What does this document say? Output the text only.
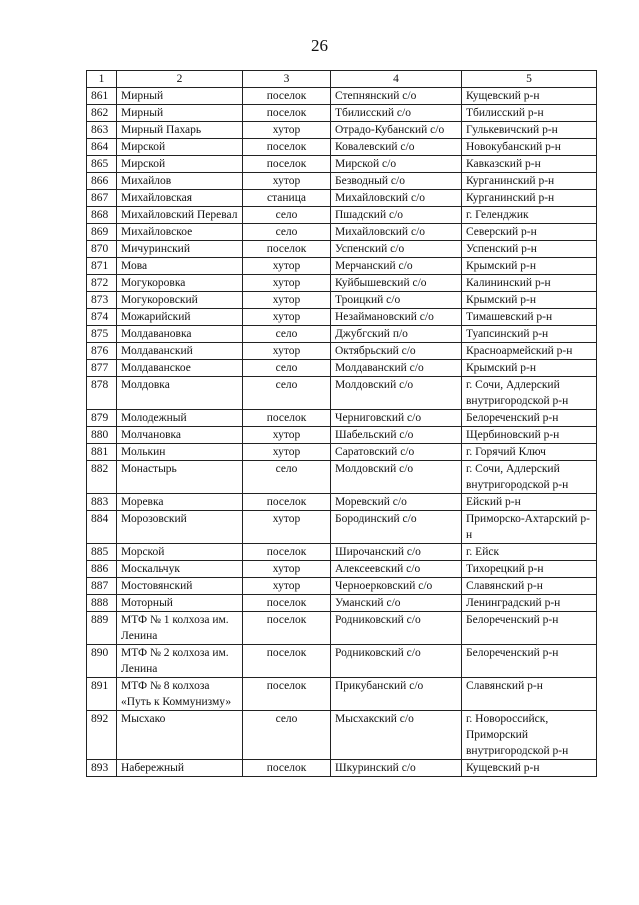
26
1	2	3	4	5
861	Мирный	поселок	Степнянский с/о	Кущевский р-н
862	Мирный	поселок	Тбилисский с/о	Тбилисский р-н
863	Мирный Пахарь	хутор	Отрадо-Кубанский с/о	Гулькевичский р-н
864	Мирской	поселок	Ковалевский с/о	Новокубанский р-н
865	Мирской	поселок	Мирской с/о	Кавказский р-н
866	Михайлов	хутор	Безводный с/о	Курганинский р-н
867	Михайловская	станица	Михайловский с/о	Курганинский р-н
868	Михайловский Перевал	село	Пшадский с/о	г. Геленджик
869	Михайловское	село	Михайловский с/о	Северский р-н
870	Мичуринский	поселок	Успенский с/о	Успенский р-н
871	Мова	хутор	Мерчанский с/о	Крымский р-н
872	Могукоровка	хутор	Куйбышевский с/о	Калининский р-н
873	Могукоровский	хутор	Троицкий с/о	Крымский р-н
874	Можарийский	хутор	Незаймановский с/о	Тимашевский р-н
875	Молдавановка	село	Джубгский п/о	Туапсинский р-н
876	Молдаванский	хутор	Октябрьский с/о	Красноармейский р-н
877	Молдаванское	село	Молдаванский с/о	Крымский р-н
878	Молдовка	село	Молдовский с/о	г. Сочи, Адлерский внутригородской р-н
879	Молодежный	поселок	Черниговский с/о	Белореченский р-н
880	Молчановка	хутор	Шабельский с/о	Щербиновский р-н
881	Молькин	хутор	Саратовский с/о	г. Горячий Ключ
882	Монастырь	село	Молдовский с/о	г. Сочи, Адлерский внутригородской р-н
883	Моревка	поселок	Моревский с/о	Ейский р-н
884	Морозовский	хутор	Бородинский с/о	Приморско-Ахтарский р-н
885	Морской	поселок	Широчанский с/о	г. Ейск
886	Москальчук	хутор	Алексеевский с/о	Тихорецкий р-н
887	Мостовянский	хутор	Черноерковский с/о	Славянский р-н
888	Моторный	поселок	Уманский с/о	Ленинградский р-н
889	МТФ № 1 колхоза им. Ленина	поселок	Родниковский с/о	Белореченский р-н
890	МТФ № 2 колхоза им. Ленина	поселок	Родниковский с/о	Белореченский р-н
891	МТФ № 8 колхоза «Путь к Коммунизму»	поселок	Прикубанский с/о	Славянский р-н
892	Мысхако	село	Мысхакский с/о	г. Новороссийск, Приморский внутригородской р-н
893	Набережный	поселок	Шкуринский с/о	Кущевский р-н
